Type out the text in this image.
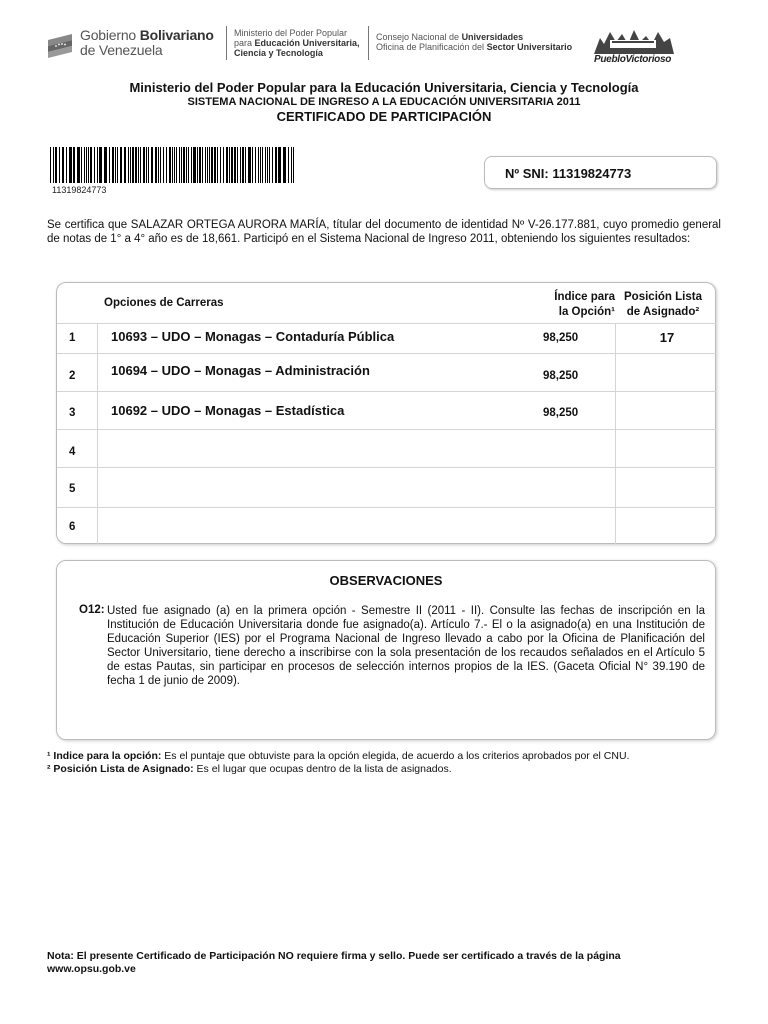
Gobierno Bolivariano
de Venezuela
Ministerio del Poder Popular
para Educación Universitaria,
Ciencia y Tecnología
Consejo Nacional de Universidades
Oficina de Planificación del Sector Universitario
PuebloVictorioso
Ministerio del Poder Popular para la Educación Universitaria, Ciencia y Tecnología
SISTEMA NACIONAL DE INGRESO A LA EDUCACIÓN UNIVERSITARIA 2011
CERTIFICADO DE PARTICIPACIÓN
11319824773
Nº SNI: 11319824773
Se certifica que SALAZAR ORTEGA AURORA MARÍA, títular del documento de identidad Nº V-26.177.881, cuyo promedio general de notas de 1° a 4° año es de 18,661. Participó en el Sistema Nacional de Ingreso 2011, obteniendo los siguientes resultados:
Opciones de Carreras	Índice para
la Opción¹
Posición Lista
de Asignado²
1	10693 – UDO – Monagas – Contaduría Pública	98,250	17
2	10694 – UDO – Monagas – Administración	98,250
3	10692 – UDO – Monagas – Estadística	98,250
4
5
6
OBSERVACIONES
O12: Usted fue asignado (a) en la primera opción - Semestre II (2011 - II). Consulte las fechas de inscripción en la Institución de Educación Universitaria donde fue asignado(a). Artículo 7.- El o la asignado(a) en una Institución de Educación Superior (IES) por el Programa Nacional de Ingreso llevado a cabo por la Oficina de Planificación del Sector Universitario, tiene derecho a inscribirse con la sola presentación de los recaudos señalados en el Artículo 5 de estas Pautas, sin participar en procesos de selección internos propios de la IES. (Gaceta Oficial N° 39.190 de fecha 1 de junio de 2009).
¹ Indice para la opción: Es el puntaje que obtuviste para la opción elegida, de acuerdo a los criterios aprobados por el CNU.
² Posición Lista de Asignado: Es el lugar que ocupas dentro de la lista de asignados.
Nota: El presente Certificado de Participación NO requiere firma y sello. Puede ser certificado a través de la página
www.opsu.gob.ve
